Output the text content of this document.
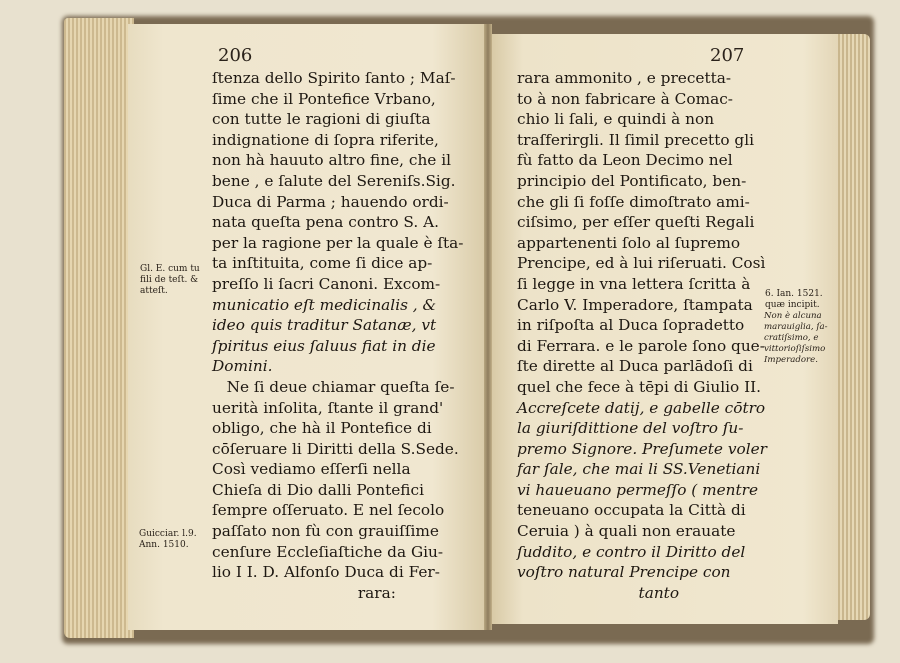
206
ſtenza dello Spirito ſanto ; Maſ-
ſime che il Pontefice Vrbano,
con tutte le ragioni di giuſta
indignatione di ſopra riferite,
non hà hauuto altro fine, che il
bene , e ſalute del Sereniſs.Sig.
Duca di Parma ; hauendo ordi-
nata queſta pena contro S. A.
per la ragione per la quale è ſta-
ta inſtituita, come ſi dice ap-
preſſo li ſacri Canoni. Excom-
municatio eſt medicinalis , &
ideo quis traditur Satanæ, vt
ſpiritus eius ſaluus fiat in die
Domini.
Ne ſi deue chiamar queſta ſe-
uerità inſolita, ſtante il grand'
obligo, che hà il Pontefice di
cōſeruare li Diritti della S.Sede.
Così vediamo eſſerſi nella
Chieſa di Dio dalli Pontefici
ſempre oſſeruato. E nel ſecolo
paſſato non fù con grauiſſime
cenſure Eccleſiaſtiche da Giu-
lio I I. D. Alfonſo Duca di Fer-
rara:
Gl. E. cum tu
fili de teſt. &
atteſt.
Guicciar. l.9.
Ann. 1510.
207
rara ammonito , e precetta-
to à non fabricare à Comac-
chio li ſali, e quindi à non
traſferirgli. Il ſimil precetto gli
fù fatto da Leon Decimo nel
principio del Pontificato, ben-
che gli ſi foſſe dimoſtrato ami-
ciſsimo, per eſſer queſti Regali
appartenenti ſolo al ſupremo
Prencipe, ed à lui riſeruati. Così
ſi legge in vna lettera ſcritta à
Carlo V. Imperadore, ſtampata
in riſpoſta al Duca ſopradetto
di Ferrara. e le parole ſono que-
ſte dirette al Duca parlādoſi di
quel che fece à tēpi di Giulio II.
Accreſcete datij, e gabelle cōtro
la giuriſdittione del voſtro ſu-
premo Signore. Preſumete voler
far ſale, che mai li SS.Venetiani
vi haueuano permeſſo ( mentre
teneuano occupata la Città di
Ceruia ) à quali non erauate
ſuddito, e contro il Diritto del
voſtro natural Prencipe con
tanto
6. Ian. 1521.
quæ incipit.
Non è alcuna
marauiglia, ſa-
cratiſsimo, e
vittorioſiſsimo
Imperadore.
